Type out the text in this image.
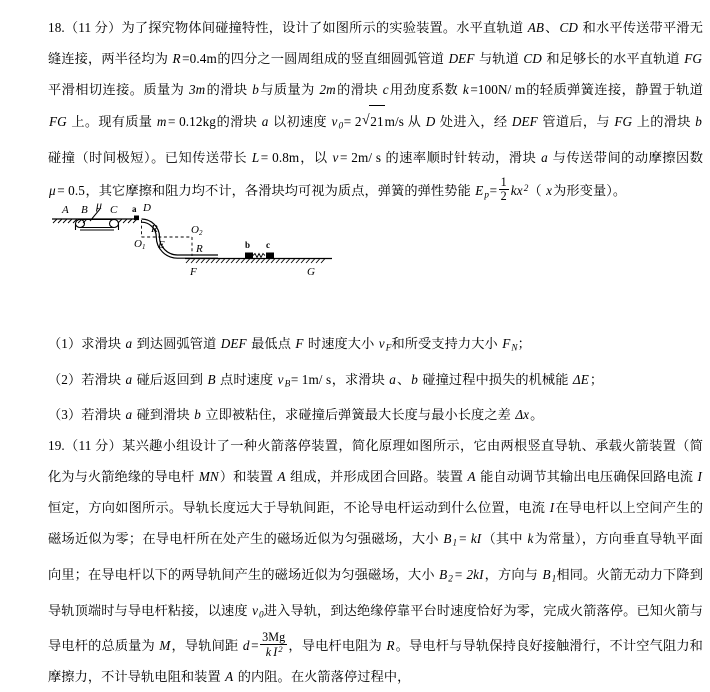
18.（11 分）为了探究物体间碰撞特性，设计了如图所示的实验装置。水平直轨道 AB、CD 和水平传送带平滑无缝连接，两半径均为 R =0.4m的四分之一圆周组成的竖直细圆弧管道 DEF 与轨道 CD 和足够长的水平直轨道 FG平滑相切连接。质量为 3m的滑块 b与质量为 2m的滑块 c用劲度系数 k =100N/ m的轻质弹簧连接，静置于轨道 FG 上。现有质量 m = 0.12kg的滑块 a 以初速度 $v_0= 2$ √ 21m/s 从 D 处进入，经 DEF 管道后，与 FG 上的滑块 b 碰撞（时间极短）。已知传送带长 L = 0.8m，以 v = 2m/ s 的速率顺时针转动，滑块 a 与传送带间的动摩擦因数 μ = 0.5，其它摩擦和阻力均不计，各滑块均可视为质点，弹簧的弹性势能 $E_p= \frac{1}{2} kx^2$（ x为形变量）。

（1）求滑块 a 到达圆弧管道 DEF 最低点 F 时速度大小 $v_F$和所受支持力大小 $F_N$；

（2）若滑块 a 碰后返回到 B 点时速度 $v_B= 1m/$ s，求滑块 a、b 碰撞过程中损失的机械能 ΔE；

（3）若滑块 a 碰到滑块 b 立即被粘住，求碰撞后弹簧最大长度与最小长度之差 Δx。

19.（11 分）某兴趣小组设计了一种火箭落停装置，简化原理如图所示，它由两根竖直导轨、承载火箭装置（简化为与火箭绝缘的导电杆 MN）和装置 A 组成，并形成团合回路。装置 A 能自动调节其输出电压确保回路电流 I恒定，方向如图所示。导轨长度远大于导轨间距，不论导电杆运动到什么位置，电流 I在导电杆以上空间产生的磁场近似为零；在导电杆所在处产生的磁场近似为匀强磁场，大小 $B_1= kI$（其中 k为常量），方向垂直导轨平面向里；在导电杆以下的两导轨间产生的磁场近似为匀强磁场，大小 $B_2= 2kI$，方向与 $B_1$相同。火箭无动力下降到导轨顶端时与导电杆粘接，以速度 $v_0$进入导轨，到达绝缘停靠平台时速度恰好为零，完成火箭落停。已知火箭与导电杆的总质量为 M，导轨间距 $d = \frac{3Mg}{k I^2}$ ，导电杆电阻为 R。导电杆与导轨保持良好接触滑行，不计空气阻力和摩擦力，不计导轨电阻和装置 A 的内阻。在火箭落停过程中，

A B C
μ	a D
R
R
O 1
O 2
E
F	G
b c
